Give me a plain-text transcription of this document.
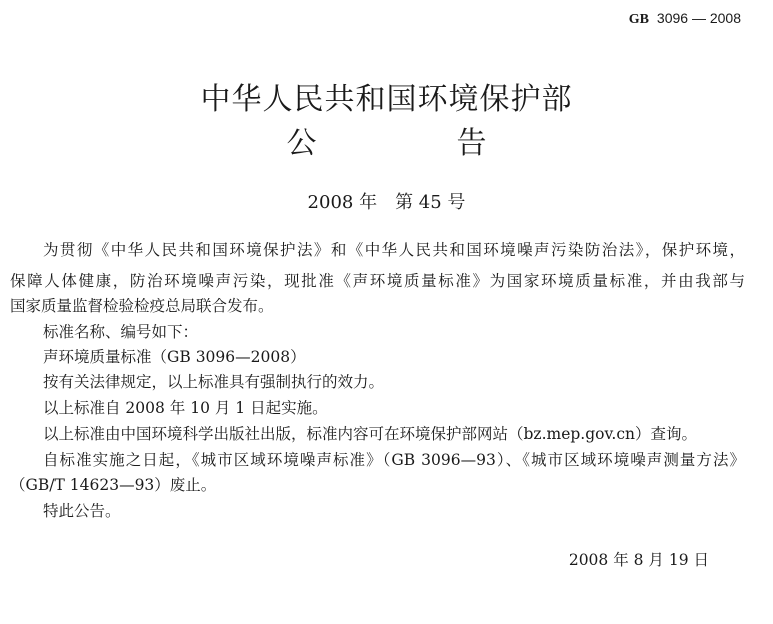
GB 3096 — 2008
中华人民共和国环境保护部
公	告
2008 年　第 45 号
为贯彻《中华人民共和国环境保护法》和《中华人民共和国环境噪声污染防治法》，保护环境，
保障人体健康，防治环境噪声污染，现批准《声环境质量标准》为国家环境质量标准，并由我部与
国家质量监督检验检疫总局联合发布。
标准名称、编号如下：
声环境质量标准（GB 3096—2008）
按有关法律规定，以上标准具有强制执行的效力。
以上标准自 2008 年 10 月 1 日起实施。
以上标准由中国环境科学出版社出版，标准内容可在环境保护部网站（bz.mep.gov.cn）查询。
自标准实施之日起，《城市区域环境噪声标准》（GB 3096—93）、《城市区域环境噪声测量方法》
（GB/T 14623—93）废止。
特此公告。
2008 年 8 月 19 日
